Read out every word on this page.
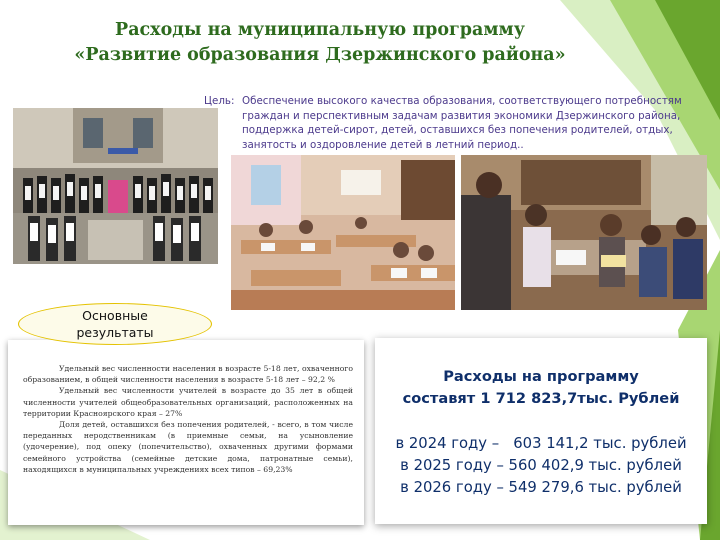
Расходы на муниципальную программу
«Развитие образования Дзержинского района»
Цель: Обеспечение высокого качества образования, соответствующего потребностям
граждан и перспективным задачам развития экономики Дзержинского района,
поддержка детей-сирот, детей, оставшихся без попечения родителей, отдых,
занятость и оздоровление детей в летний период..
Основные
результаты

Удельный вес численности населения в возрасте 5-18 лет, охваченного образованием, в общей численности населения в возрасте 5-18 лет – 92,2 %

Удельный вес численности учителей в возрасте до 35 лет в общей численности учителей общеобразовательных организаций, расположенных на территории Красноярского края – 27%

Доля детей, оставшихся без попечения родителей, - всего, в том числе переданных неродственникам (в приемные семьи, на усыновление (удочерение), под опеку (попечительство), охваченных другими формами семейного устройства (семейные детские дома, патронатные семьи), находящихся в муниципальных учреждениях всех типов – 69,23%

Расходы на программу
составят 1 712 823,7тыс. Рублей
в 2024 году –   603 141,2 тыс. рублей
в 2025 году – 560 402,9 тыс. рублей
в 2026 году – 549 279,6 тыс. рублей
